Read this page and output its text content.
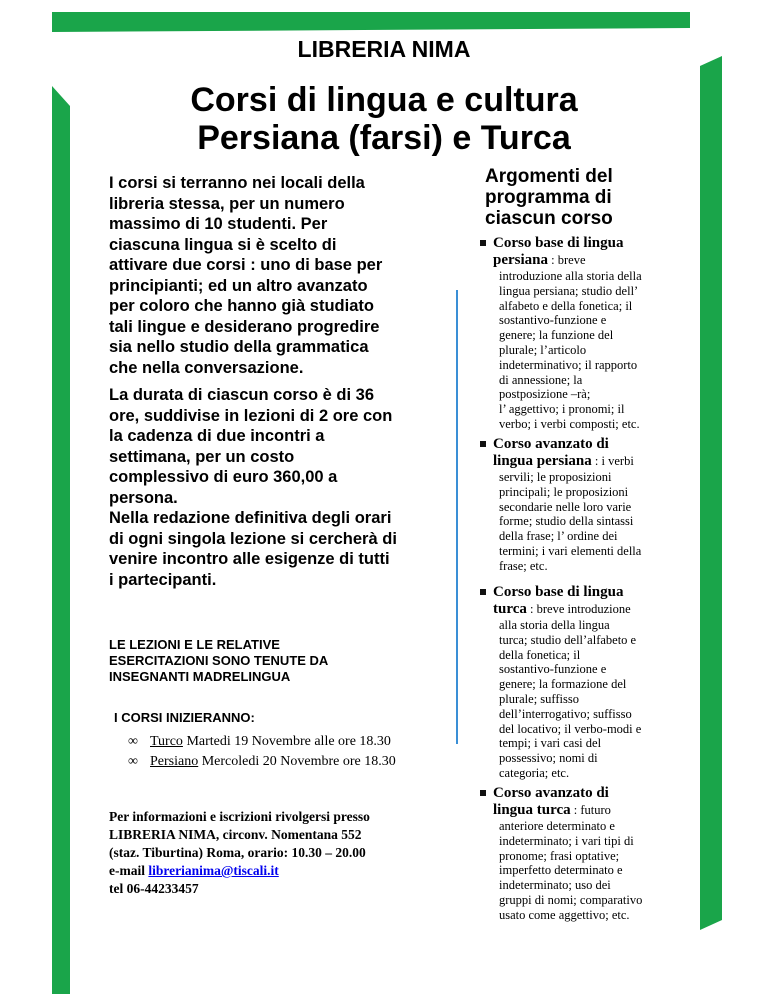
LIBRERIA NIMA
Corsi di lingua e cultura
Persiana (farsi) e Turca

I corsi si terranno nei locali della

libreria stessa, per un numero

massimo di 10 studenti. Per

ciascuna lingua si è scelto di

attivare due corsi : uno di base per

principianti; ed un altro avanzato

per coloro che hanno già studiato

tali lingue e desiderano progredire

sia nello studio della grammatica

che nella conversazione.

La durata di ciascun corso è di 36

ore, suddivise in lezioni di 2 ore con

la cadenza di due incontri a

settimana, per un costo

complessivo di euro 360,00 a

persona.

Nella redazione definitiva degli orari

di ogni singola lezione si cercherà di

venire incontro alle esigenze di tutti

i partecipanti.

LE LEZIONI E LE RELATIVE
ESERCITAZIONI SONO TENUTE DA
INSEGNANTI MADRELINGUA
I CORSI INIZIERANNO:
∞ Turco Martedi 19 Novembre alle ore 18.30
∞ Persiano Mercoledi 20 Novembre ore 18.30
Per informazioni e iscrizioni rivolgersi presso
LIBRERIA NIMA, circonv. Nomentana 552
(staz. Tiburtina) Roma, orario: 10.30 – 20.00
e-mail librerianima@tiscali.it
tel 06-44233457
Argomenti del
programma di
ciascun corso
Corso base di lingua
persiana : breve
introduzione alla storia della
lingua persiana; studio dell’
alfabeto e della fonetica; il
sostantivo-funzione e
genere; la funzione del
plurale; l’articolo
indeterminativo; il rapporto
di annessione; la
postposizione –rà;
l’ aggettivo; i pronomi; il
verbo; i verbi composti; etc.
Corso avanzato di
lingua persiana : i verbi
servili; le proposizioni
principali; le proposizioni
secondarie nelle loro varie
forme; studio della sintassi
della frase; l’ ordine dei
termini; i vari elementi della
frase; etc.
Corso base di lingua
turca : breve introduzione
alla storia della lingua
turca; studio dell’alfabeto e
della fonetica; il
sostantivo-funzione e
genere; la formazione del
plurale; suffisso
dell’interrogativo; suffisso
del locativo; il verbo-modi e
tempi; i vari casi del
possessivo; nomi di
categoria; etc.
Corso avanzato di
lingua turca : futuro
anteriore determinato e
indeterminato; i vari tipi di
pronome; frasi optative;
imperfetto determinato e
indeterminato; uso dei
gruppi di nomi; comparativo
usato come aggettivo; etc.
